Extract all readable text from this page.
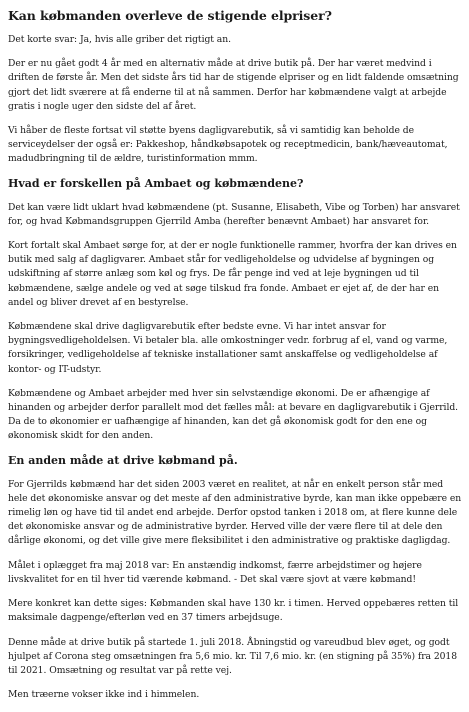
Kan købmanden overleve de stigende elpriser?

Det korte svar: Ja, hvis alle griber det rigtigt an.

Der er nu gået godt 4 år med en alternativ måde at drive butik på. Der har været medvind i driften de første år. Men det sidste års tid har de stigende elpriser og en lidt faldende omsætning gjort det lidt sværere at få enderne til at nå sammen. Derfor har købmændene valgt at arbejde gratis i nogle uger den sidste del af året.

Vi håber de fleste fortsat vil støtte byens dagligvarebutik, så vi samtidig kan beholde de serviceydelser der også er: Pakkeshop, håndkøbsapotek og receptmedicin, bank/hæveautomat, madudbringning til de ældre, turistinformation mmm.

Hvad er forskellen på Ambaet og købmændene?

Det kan være lidt uklart hvad købmændene (pt. Susanne, Elisabeth, Vibe og Torben) har ansvaret for, og hvad Købmandsgruppen Gjerrild Amba (herefter benævnt Ambaet) har ansvaret for.

Kort fortalt skal Ambaet sørge for, at der er nogle funktionelle rammer, hvorfra der kan drives en butik med salg af dagligvarer. Ambaet står for vedligeholdelse og udvidelse af bygningen og udskiftning af større anlæg som køl og frys. De får penge ind ved at leje bygningen ud til købmændene, sælge andele og ved at søge tilskud fra fonde. Ambaet er ejet af, de der har en andel og bliver drevet af en bestyrelse.

Købmændene skal drive dagligvarebutik efter bedste evne. Vi har intet ansvar for bygningsvedligeholdelsen. Vi betaler bla. alle omkostninger vedr. forbrug af el, vand og varme, forsikringer, vedligeholdelse af tekniske installationer samt anskaffelse og vedligeholdelse af kontor- og IT-udstyr.

Købmændene og Ambaet arbejder med hver sin selvstændige økonomi. De er afhængige af hinanden og arbejder derfor parallelt mod det fælles mål: at bevare en dagligvarebutik i Gjerrild. Da de to økonomier er uafhængige af hinanden, kan det gå økonomisk godt for den ene og økonomisk skidt for den anden.

En anden måde at drive købmand på.

For Gjerrilds købmænd har det siden 2003 været en realitet, at når en enkelt person står med hele det økonomiske ansvar og det meste af den administrative byrde, kan man ikke oppebære en rimelig løn og have tid til andet end arbejde. Derfor opstod tanken i 2018 om, at flere kunne dele det økonomiske ansvar og de administrative byrder. Herved ville der være flere til at dele den dårlige økonomi, og det ville give mere fleksibilitet i den administrative og praktiske dagligdag.

Målet i oplægget fra maj 2018 var: En anstændig indkomst, færre arbejdstimer og højere livskvalitet for en til hver tid værende købmand. - Det skal være sjovt at være købmand!

Mere konkret kan dette siges: Købmanden skal have 130 kr. i timen. Herved oppebæres retten til maksimale dagpenge/efterløn ved en 37 timers arbejdsuge.

Denne måde at drive butik på startede 1. juli 2018. Åbningstid og vareudbud blev øget, og godt hjulpet af Corona steg omsætningen fra 5,6 mio. kr. Til 7,6 mio. kr. (en stigning på 35%) fra 2018 til 2021. Omsætning og resultat var på rette vej.

Men træerne vokser ikke ind i himmelen.
